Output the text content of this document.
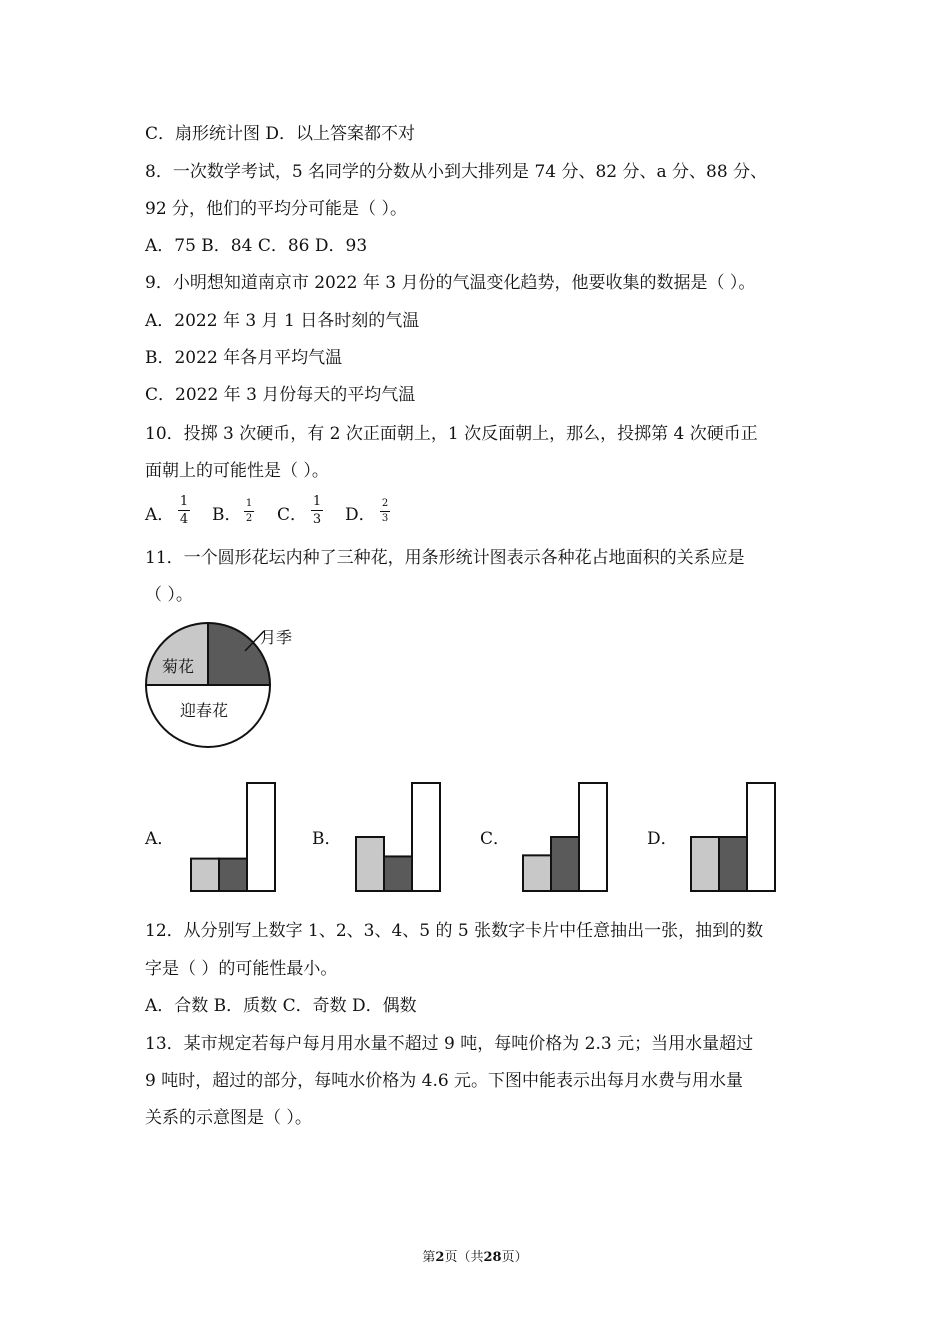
C．扇形统计图 D．以上答案都不对
8．一次数学考试，5 名同学的分数从小到大排列是 74 分、82 分、a 分、88 分、
92 分，他们的平均分可能是（ ）。
A．75 B．84 C．86 D．93
9．小明想知道南京市 2022 年 3 月份的气温变化趋势，他要收集的数据是（ ）。
A．2022 年 3 月 1 日各时刻的气温
B．2022 年各月平均气温
C．2022 年 3 月份每天的平均气温
10．投掷 3 次硬币，有 2 次正面朝上，1 次反面朝上，那么，投掷第 4 次硬币正
面朝上的可能性是（ ）。
A．
1
4 B．
1
2 C．
1
3 D．
2
3
11．一个圆形花坛内种了三种花，用条形统计图表示各种花占地面积的关系应是
（ ）。
菊花
月季
迎春花
A．	B．	C．	D．
12．从分别写上数字 1、2、3、4、5 的 5 张数字卡片中任意抽出一张，抽到的数
字是（ ）的可能性最小。
A．合数 B．质数 C．奇数 D．偶数
13．某市规定若每户每月用水量不超过 9 吨，每吨价格为 2.3 元；当用水量超过
9 吨时，超过的部分，每吨水价格为 4.6 元。下图中能表示出每月水费与用水量
关系的示意图是（ ）。
第2页（共28页）
